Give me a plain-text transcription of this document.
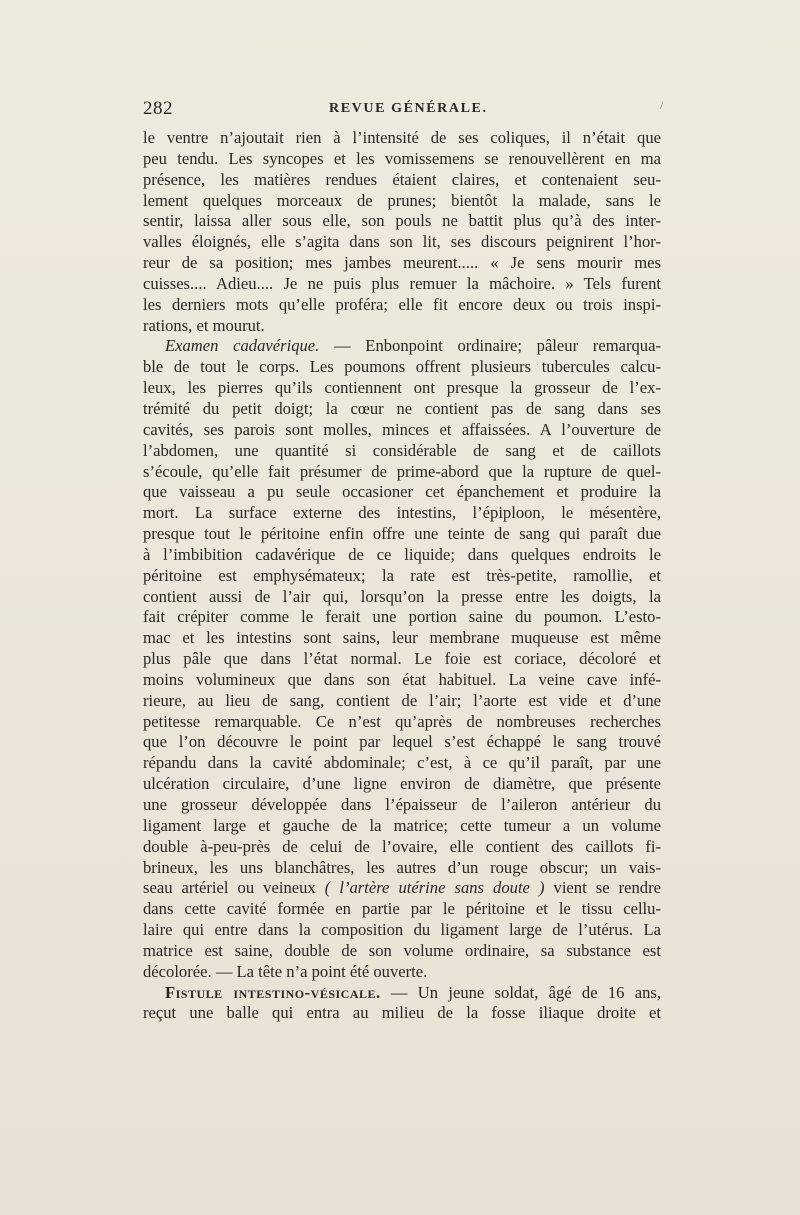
282	REVUE GÉNÉRALE.	/
le ventre n’ajoutait rien à l’intensité de ses coliques, il n’était que
peu tendu. Les syncopes et les vomissemens se renouvellèrent en ma
présence, les matières rendues étaient claires, et contenaient seu-
lement quelques morceaux de prunes; bientôt la malade, sans le
sentir, laissa aller sous elle, son pouls ne battit plus qu’à des inter-
valles éloignés, elle s’agita dans son lit, ses discours peignirent l’hor-
reur de sa position; mes jambes meurent..... « Je sens mourir mes
cuisses.... Adieu.... Je ne puis plus remuer la mâchoire. » Tels furent
les derniers mots qu’elle proféra; elle fit encore deux ou trois inspi-
rations, et mourut.
Examen cadavérique. — Enbonpoint ordinaire; pâleur remarqua-
ble de tout le corps. Les poumons offrent plusieurs tubercules calcu-
leux, les pierres qu’ils contiennent ont presque la grosseur de l’ex-
trémité du petit doigt; la cœur ne contient pas de sang dans ses
cavités, ses parois sont molles, minces et affaissées. A l’ouverture de
l’abdomen, une quantité si considérable de sang et de caillots
s’écoule, qu’elle fait présumer de prime-abord que la rupture de quel-
que vaisseau a pu seule occasioner cet épanchement et produire la
mort. La surface externe des intestins, l’épiploon, le mésentère,
presque tout le péritoine enfin offre une teinte de sang qui paraît due
à l’imbibition cadavérique de ce liquide; dans quelques endroits le
péritoine est emphysémateux; la rate est très-petite, ramollie, et
contient aussi de l’air qui, lorsqu’on la presse entre les doigts, la
fait crépiter comme le ferait une portion saine du poumon. L’esto-
mac et les intestins sont sains, leur membrane muqueuse est même
plus pâle que dans l’état normal. Le foie est coriace, décoloré et
moins volumineux que dans son état habituel. La veine cave infé-
rieure, au lieu de sang, contient de l’air; l’aorte est vide et d’une
petitesse remarquable. Ce n’est qu’après de nombreuses recherches
que l’on découvre le point par lequel s’est échappé le sang trouvé
répandu dans la cavité abdominale; c’est, à ce qu’il paraît, par une
ulcération circulaire, d’une ligne environ de diamètre, que présente
une grosseur développée dans l’épaisseur de l’aileron antérieur du
ligament large et gauche de la matrice; cette tumeur a un volume
double à-peu-près de celui de l’ovaire, elle contient des caillots fi-
brineux, les uns blanchâtres, les autres d’un rouge obscur; un vais-
seau artériel ou veineux ( l’artère utérine sans doute ) vient se rendre
dans cette cavité formée en partie par le péritoine et le tissu cellu-
laire qui entre dans la composition du ligament large de l’utérus. La
matrice est saine, double de son volume ordinaire, sa substance est
décolorée. — La tête n’a point été ouverte.
Fistule intestino-vésicale. — Un jeune soldat, âgé de 16 ans,
reçut une balle qui entra au milieu de la fosse iliaque droite et
